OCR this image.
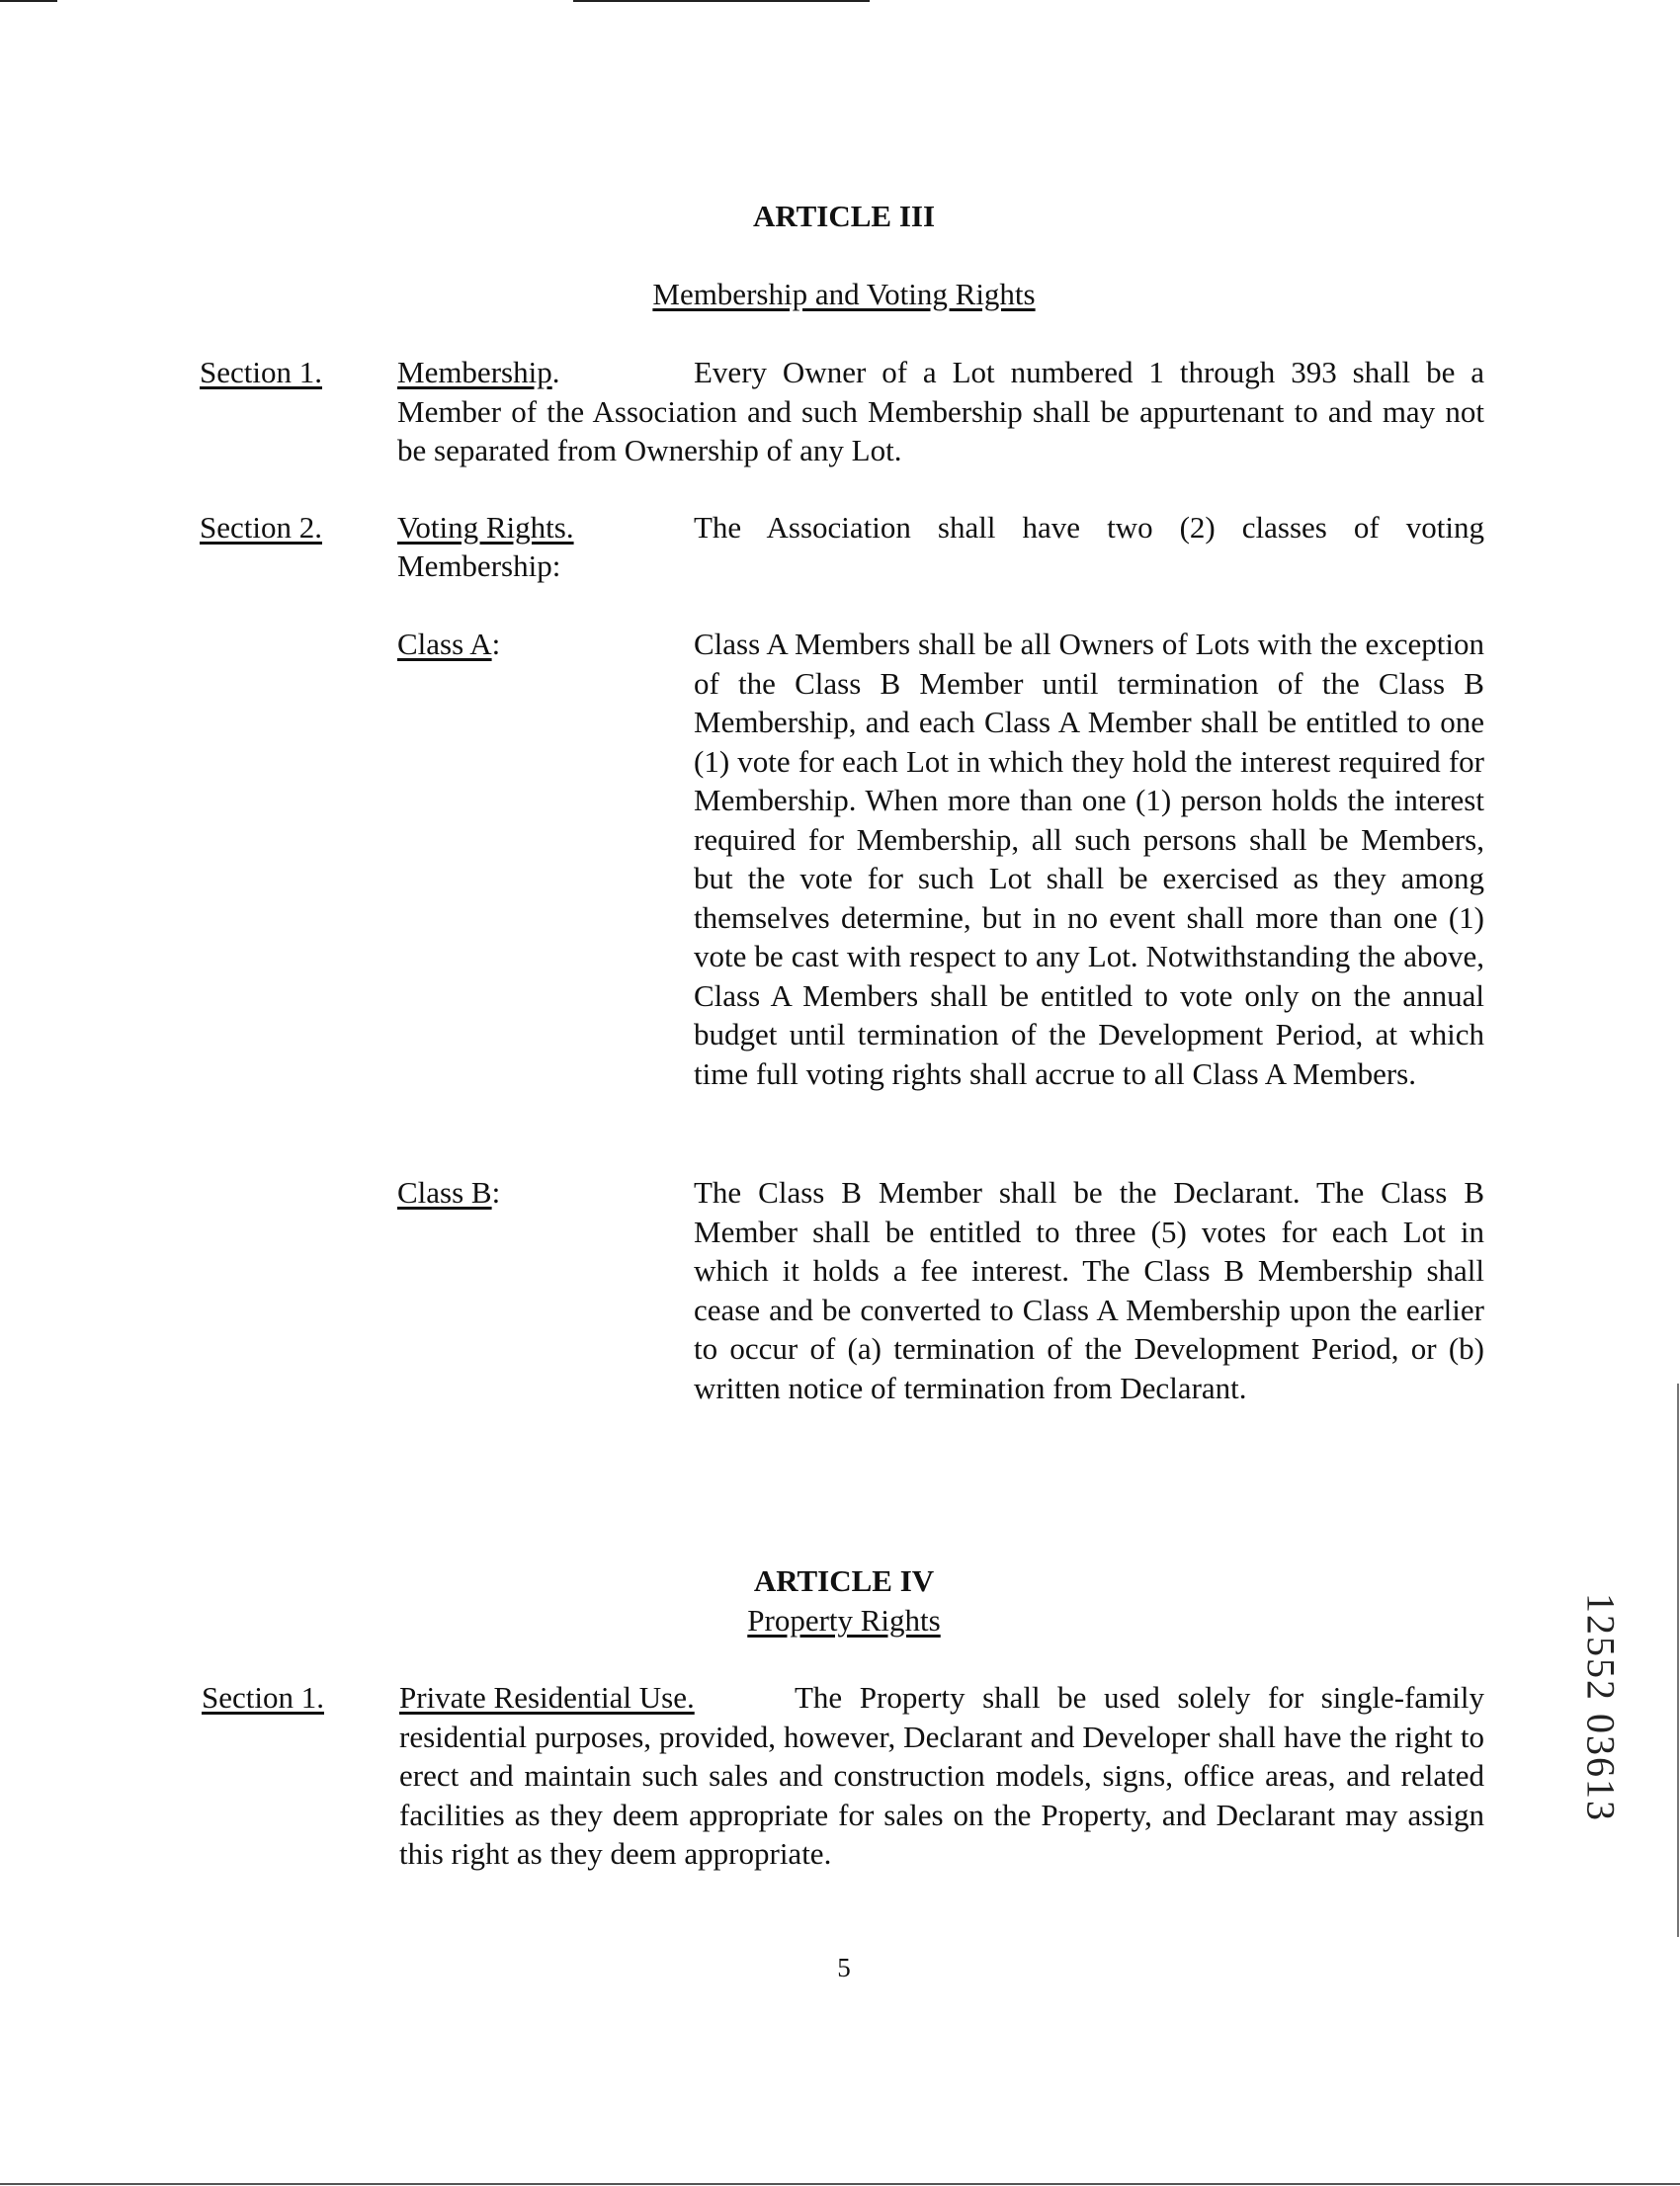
ARTICLE III
Membership and Voting Rights
Section 1. Membership.	Every Owner of a Lot numbered 1 through 393 shall be a
Member of the Association and such Membership shall be appurtenant to and may not be separated from Ownership of any Lot.
Section 2. Voting Rights.	The Association shall have two (2) classes of voting
Membership:
Class A:	Class A Members shall be all Owners of Lots with the exception of the Class B Member until termination of the Class B Membership, and each Class A Member shall be entitled to one (1) vote for each Lot in which they hold the interest required for Membership. When more than one (1) person holds the interest required for Membership, all such persons shall be Members, but the vote for such Lot shall be exercised as they among themselves determine, but in no event shall more than one (1) vote be cast with respect to any Lot. Notwithstanding the above, Class A Members shall be entitled to vote only on the annual budget until termination of the Development Period, at which time full voting rights shall accrue to all Class A Members.
Class B:	The Class B Member shall be the Declarant. The Class B Member shall be entitled to three (5) votes for each Lot in which it holds a fee interest. The Class B Membership shall cease and be converted to Class A Membership upon the earlier to occur of (a) termination of the Development Period, or (b) written notice of termination from Declarant.
ARTICLE IV
Property Rights
Section 1. Private Residential Use.	The Property shall be used solely for single-family
residential purposes, provided, however, Declarant and Developer shall have the right to erect and maintain such sales and construction models, signs, office areas, and related facilities as they deem appropriate for sales on the Property, and Declarant may assign this right as they deem appropriate.
5
12552 03613
